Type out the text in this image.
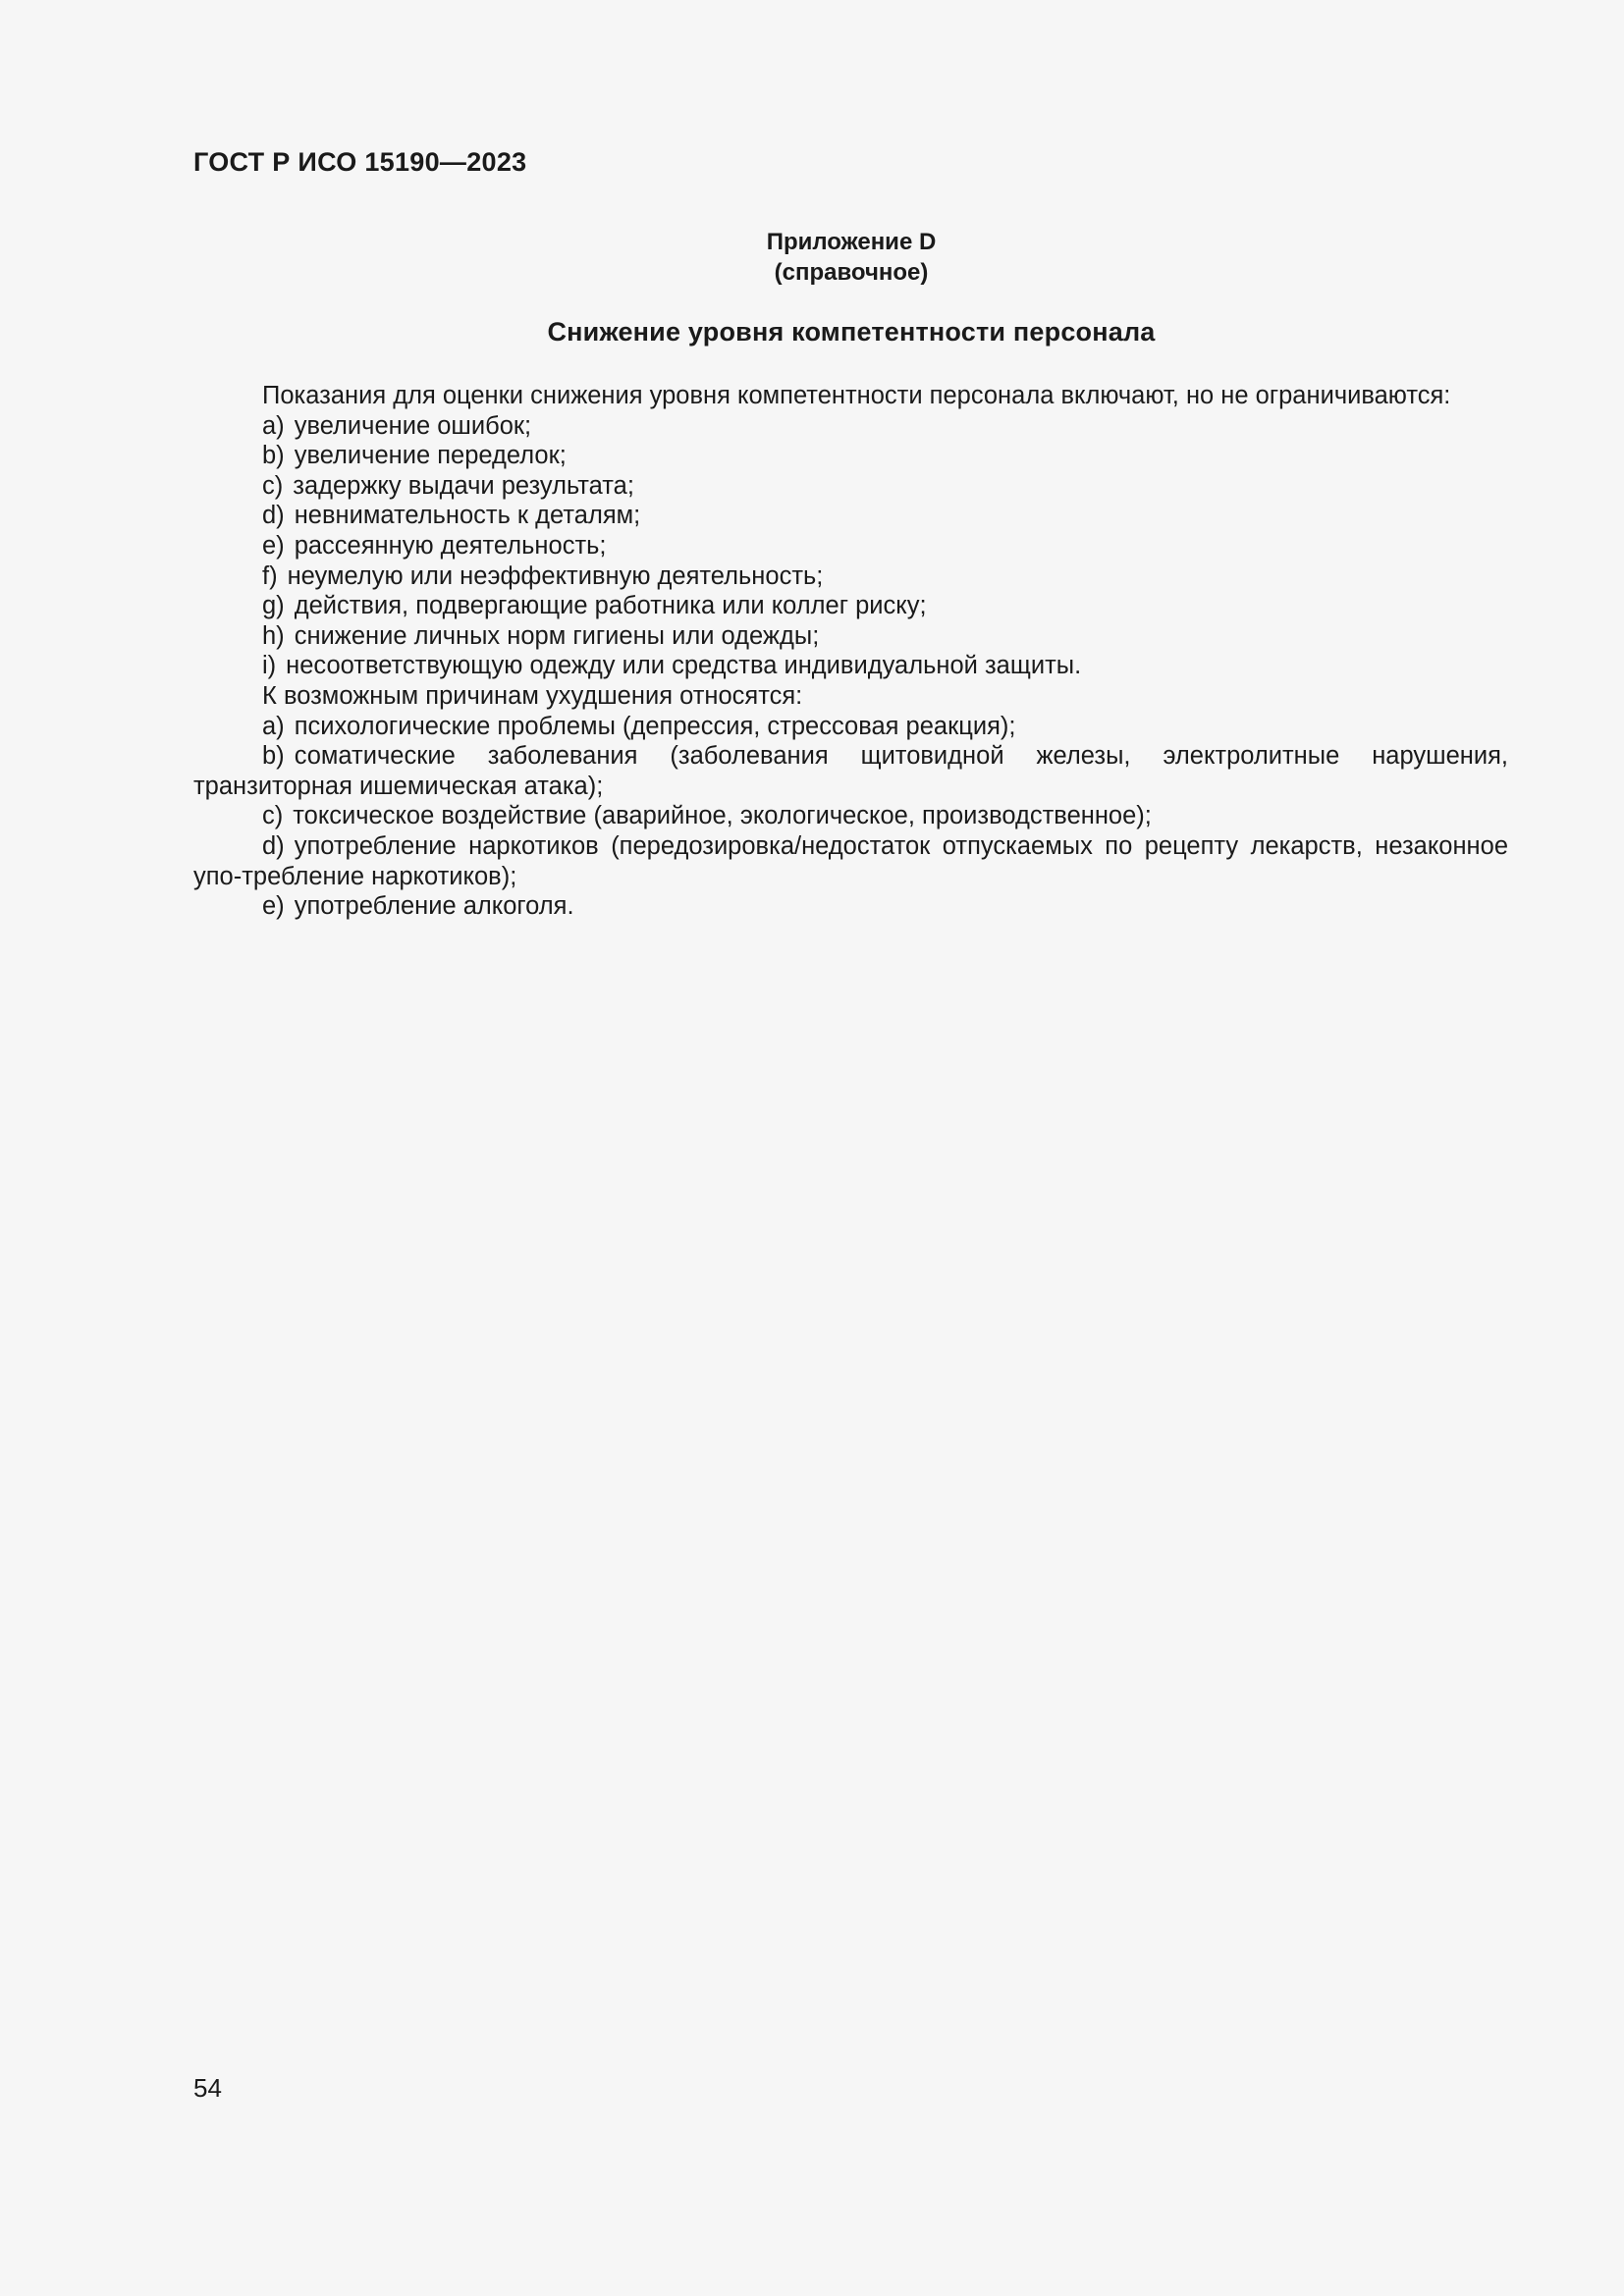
ГОСТ Р ИСО 15190—2023
Приложение D
(справочное)
Снижение уровня компетентности персонала

Показания для оценки снижения уровня компетентности персонала включают, но не ограничиваются:

a) увеличение ошибок;

b) увеличение переделок;

c) задержку выдачи результата;

d) невнимательность к деталям;

e) рассеянную деятельность;

f) неумелую или неэффективную деятельность;

g) действия, подвергающие работника или коллег риску;

h) снижение личных норм гигиены или одежды;

i) несоответствующую одежду или средства индивидуальной защиты.

К возможным причинам ухудшения относятся:

a) психологические проблемы (депрессия, стрессовая реакция);

b) соматические заболевания (заболевания щитовидной железы, электролитные нарушения, транзиторная ишемическая атака);

c) токсическое воздействие (аварийное, экологическое, производственное);

d) употребление наркотиков (передозировка/недостаток отпускаемых по рецепту лекарств, незаконное упо-требление наркотиков);

e) употребление алкоголя.

54
